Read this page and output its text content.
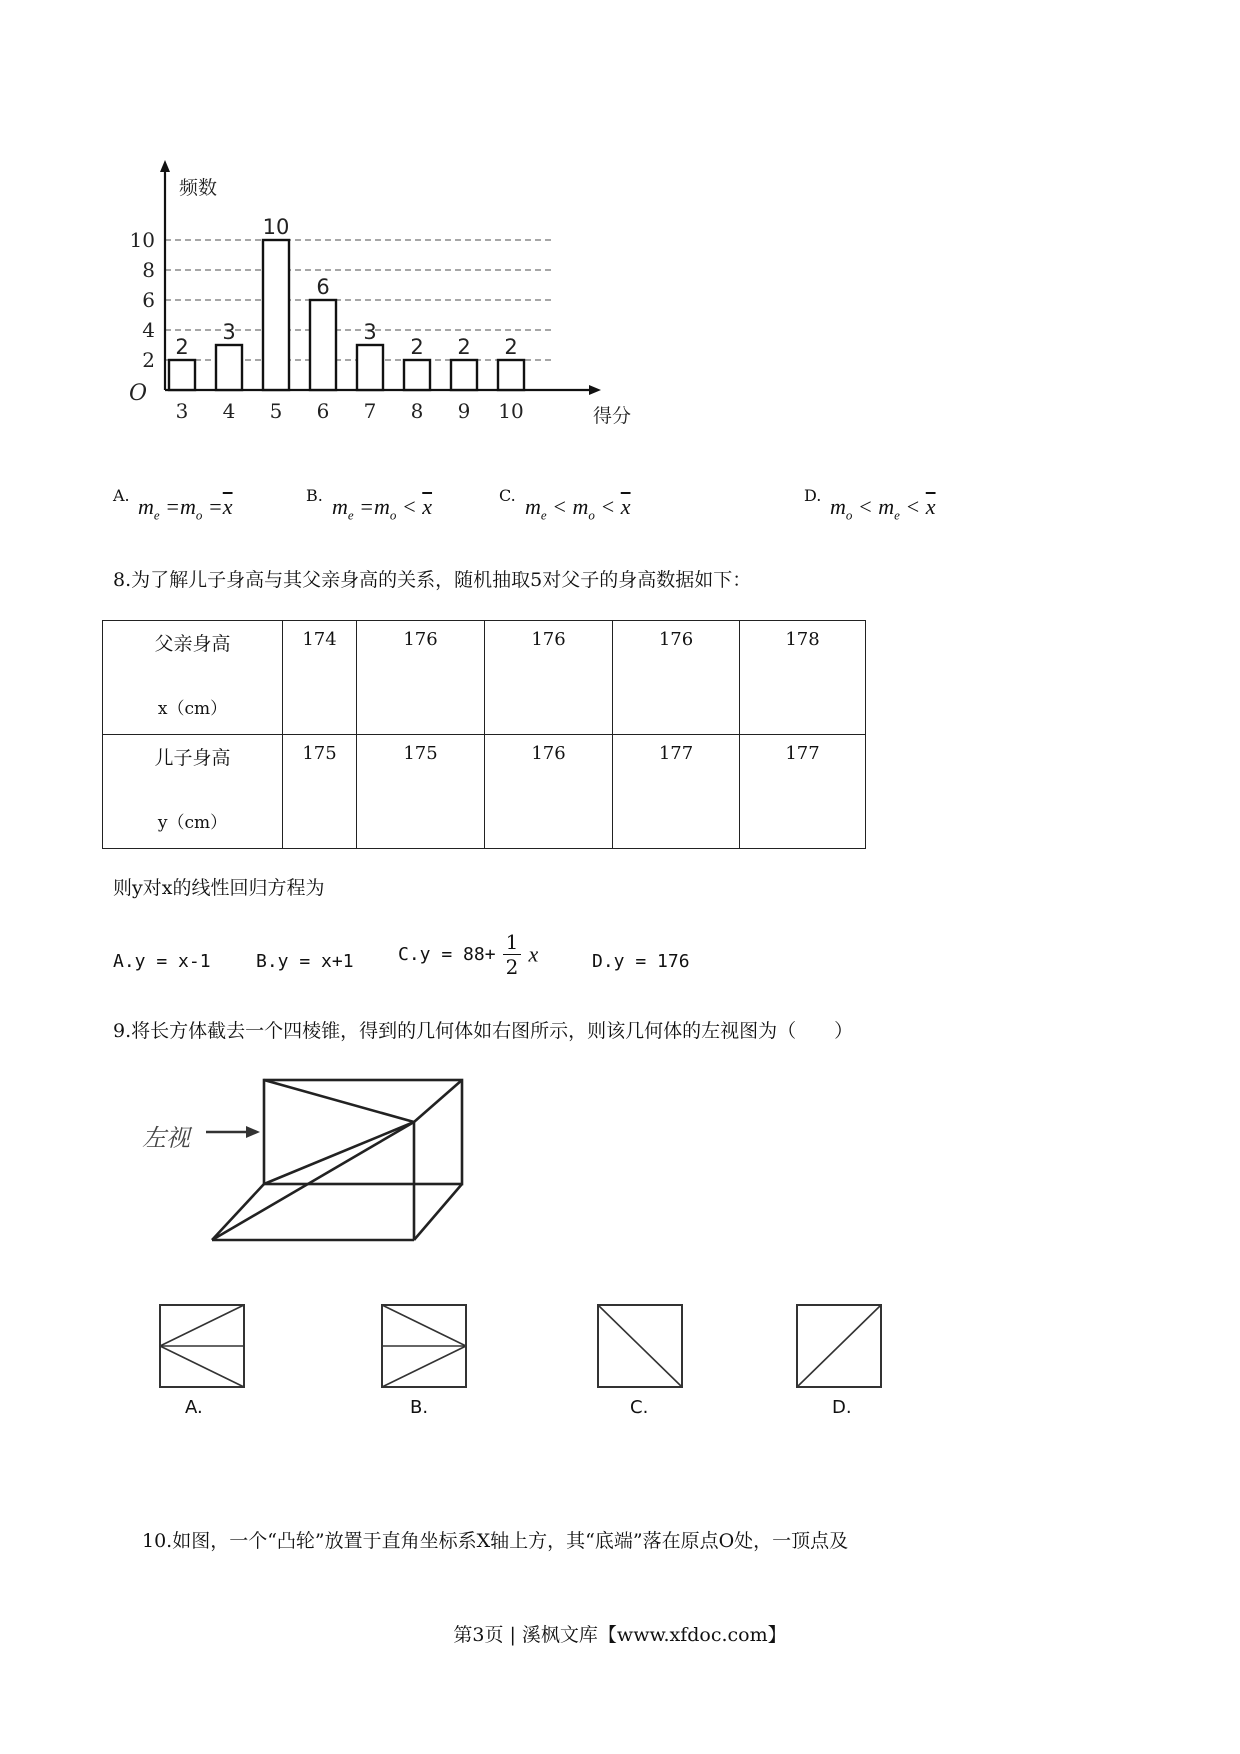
2
4
6
8
10
O
频数
得分
2
3
3
4
10
5
6
6
3
7
2
8
2
9
2
10
A. $m_e =m_o =\overline{x}$	B. $m_e =m_o < \overline{x}$	C. $m_e < m_o < \overline{x}$	D. $m_o < m_e < \overline{x}$
8.为了解儿子身高与其父亲身高的关系，随机抽取5对父子的身高数据如下：
父亲身高
x（cm）	174	176	176	176	178

儿子身高
y（cm）	175	175	176	177	177
则y对x的线性回归方程为
A.y = x-1	B.y = x+1 $C.y = 88+ \frac{1}{2}$ x	D.y = 176
9.将长方体截去一个四棱锥，得到的几何体如右图所示，则该几何体的左视图为（　　）
左视
A.	B.	C.	D.
10.如图，一个“凸轮”放置于直角坐标系X轴上方，其“底端”落在原点O处，一顶点及
第3页 | 溪枫文库【www.xfdoc.com】
